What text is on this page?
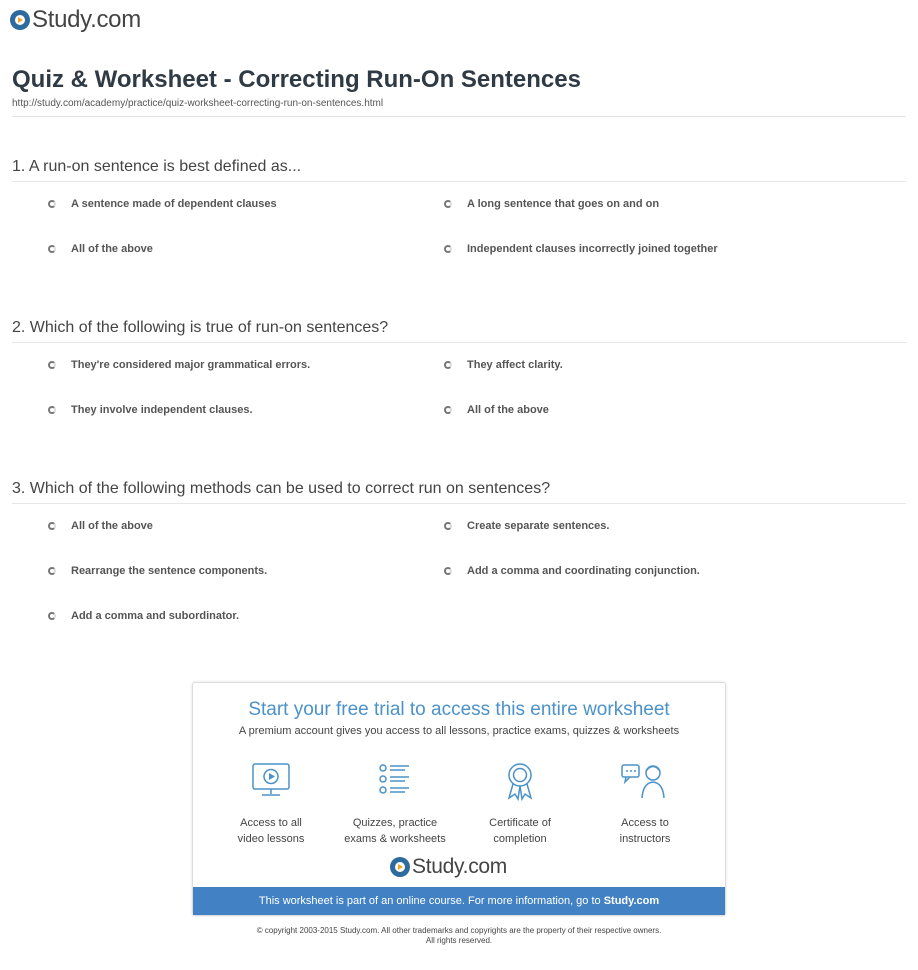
Study.com
Quiz & Worksheet - Correcting Run-On Sentences
http://study.com/academy/practice/quiz-worksheet-correcting-run-on-sentences.html
1. A run-on sentence is best defined as...
A sentence made of dependent clauses	A long sentence that goes on and on
All of the above	Independent clauses incorrectly joined together
2. Which of the following is true of run-on sentences?
They're considered major grammatical errors.	They affect clarity.
They involve independent clauses.	All of the above
3. Which of the following methods can be used to correct run on sentences?
All of the above	Create separate sentences.
Rearrange the sentence components.	Add a comma and coordinating conjunction.
Add a comma and subordinator.
Start your free trial to access this entire worksheet
A premium account gives you access to all lessons, practice exams, quizzes & worksheets
Access to all
video lessons
Quizzes, practice
exams & worksheets
Certificate of
completion
Access to
instructors
Study.com
This worksheet is part of an online course. For more information, go to Study.com
© copyright 2003-2015 Study.com. All other trademarks and copyrights are the property of their respective owners.
All rights reserved.
